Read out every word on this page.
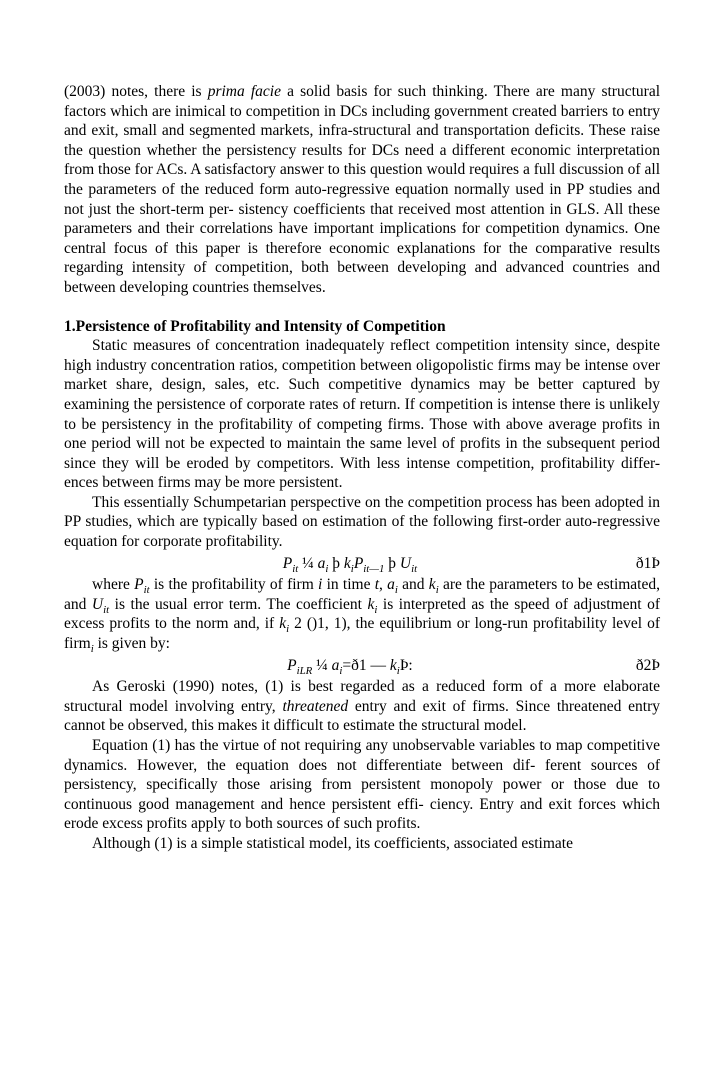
(2003) notes, there is prima facie a solid basis for such thinking. There are many structural factors which are inimical to competition in DCs including government created barriers to entry and exit, small and segmented markets, infra-structural and transportation deficits. These raise the question whether the persistency results for DCs need a different economic interpretation from those for ACs. A satisfactory answer to this question would requires a full discussion of all the parameters of the reduced form auto-regressive equation normally used in PP studies and not just the short-term per- sistency coefficients that received most attention in GLS. All these parameters and their correlations have important implications for competition dynamics. One central focus of this paper is therefore economic explanations for the comparative results regarding intensity of competition, both between developing and advanced countries and between developing countries themselves.

1.Persistence of Profitability and Intensity of Competition

Static measures of concentration inadequately reflect competition intensity since, despite high industry concentration ratios, competition between oligopolistic firms may be intense over market share, design, sales, etc. Such competitive dynamics may be better captured by examining the persistence of corporate rates of return. If competition is intense there is unlikely to be persistency in the profitability of competing firms. Those with above average profits in one period will not be expected to maintain the same level of profits in the subsequent period since they will be eroded by competitors. With less intense competition, profitability differ- ences between firms may be more persistent.

This essentially Schumpetarian perspective on the competition process has been adopted in PP studies, which are typically based on estimation of the following first-order auto-regressive equation for corporate profitability.

$P_{it}$ ¼ $a_i$ þ $k_iP_{it—1}$ þ $U_{it}$	ð1Þ

where $P_{it}$ is the profitability of firm i in time t, $a_i$ and $k_i$ are the parameters to be estimated, and $U_{it}$ is the usual error term. The coefficient $k_i$ is interpreted as the speed of adjustment of excess profits to the norm and, if $k_i$ 2 ()1, 1), the equilibrium or long-run profitability level of firm$_i$ is given by:

$P_{iLR}$ ¼ $a_i=ð1$ — $k_iÞ$:	ð2Þ

As Geroski (1990) notes, (1) is best regarded as a reduced form of a more elaborate structural model involving entry, threatened entry and exit of firms. Since threatened entry cannot be observed, this makes it difficult to estimate the structural model.

Equation (1) has the virtue of not requiring any unobservable variables to map competitive dynamics. However, the equation does not differentiate between dif- ferent sources of persistency, specifically those arising from persistent monopoly power or those due to continuous good management and hence persistent effi- ciency. Entry and exit forces which erode excess profits apply to both sources of such profits.

Although (1) is a simple statistical model, its coefficients, associated estimate
